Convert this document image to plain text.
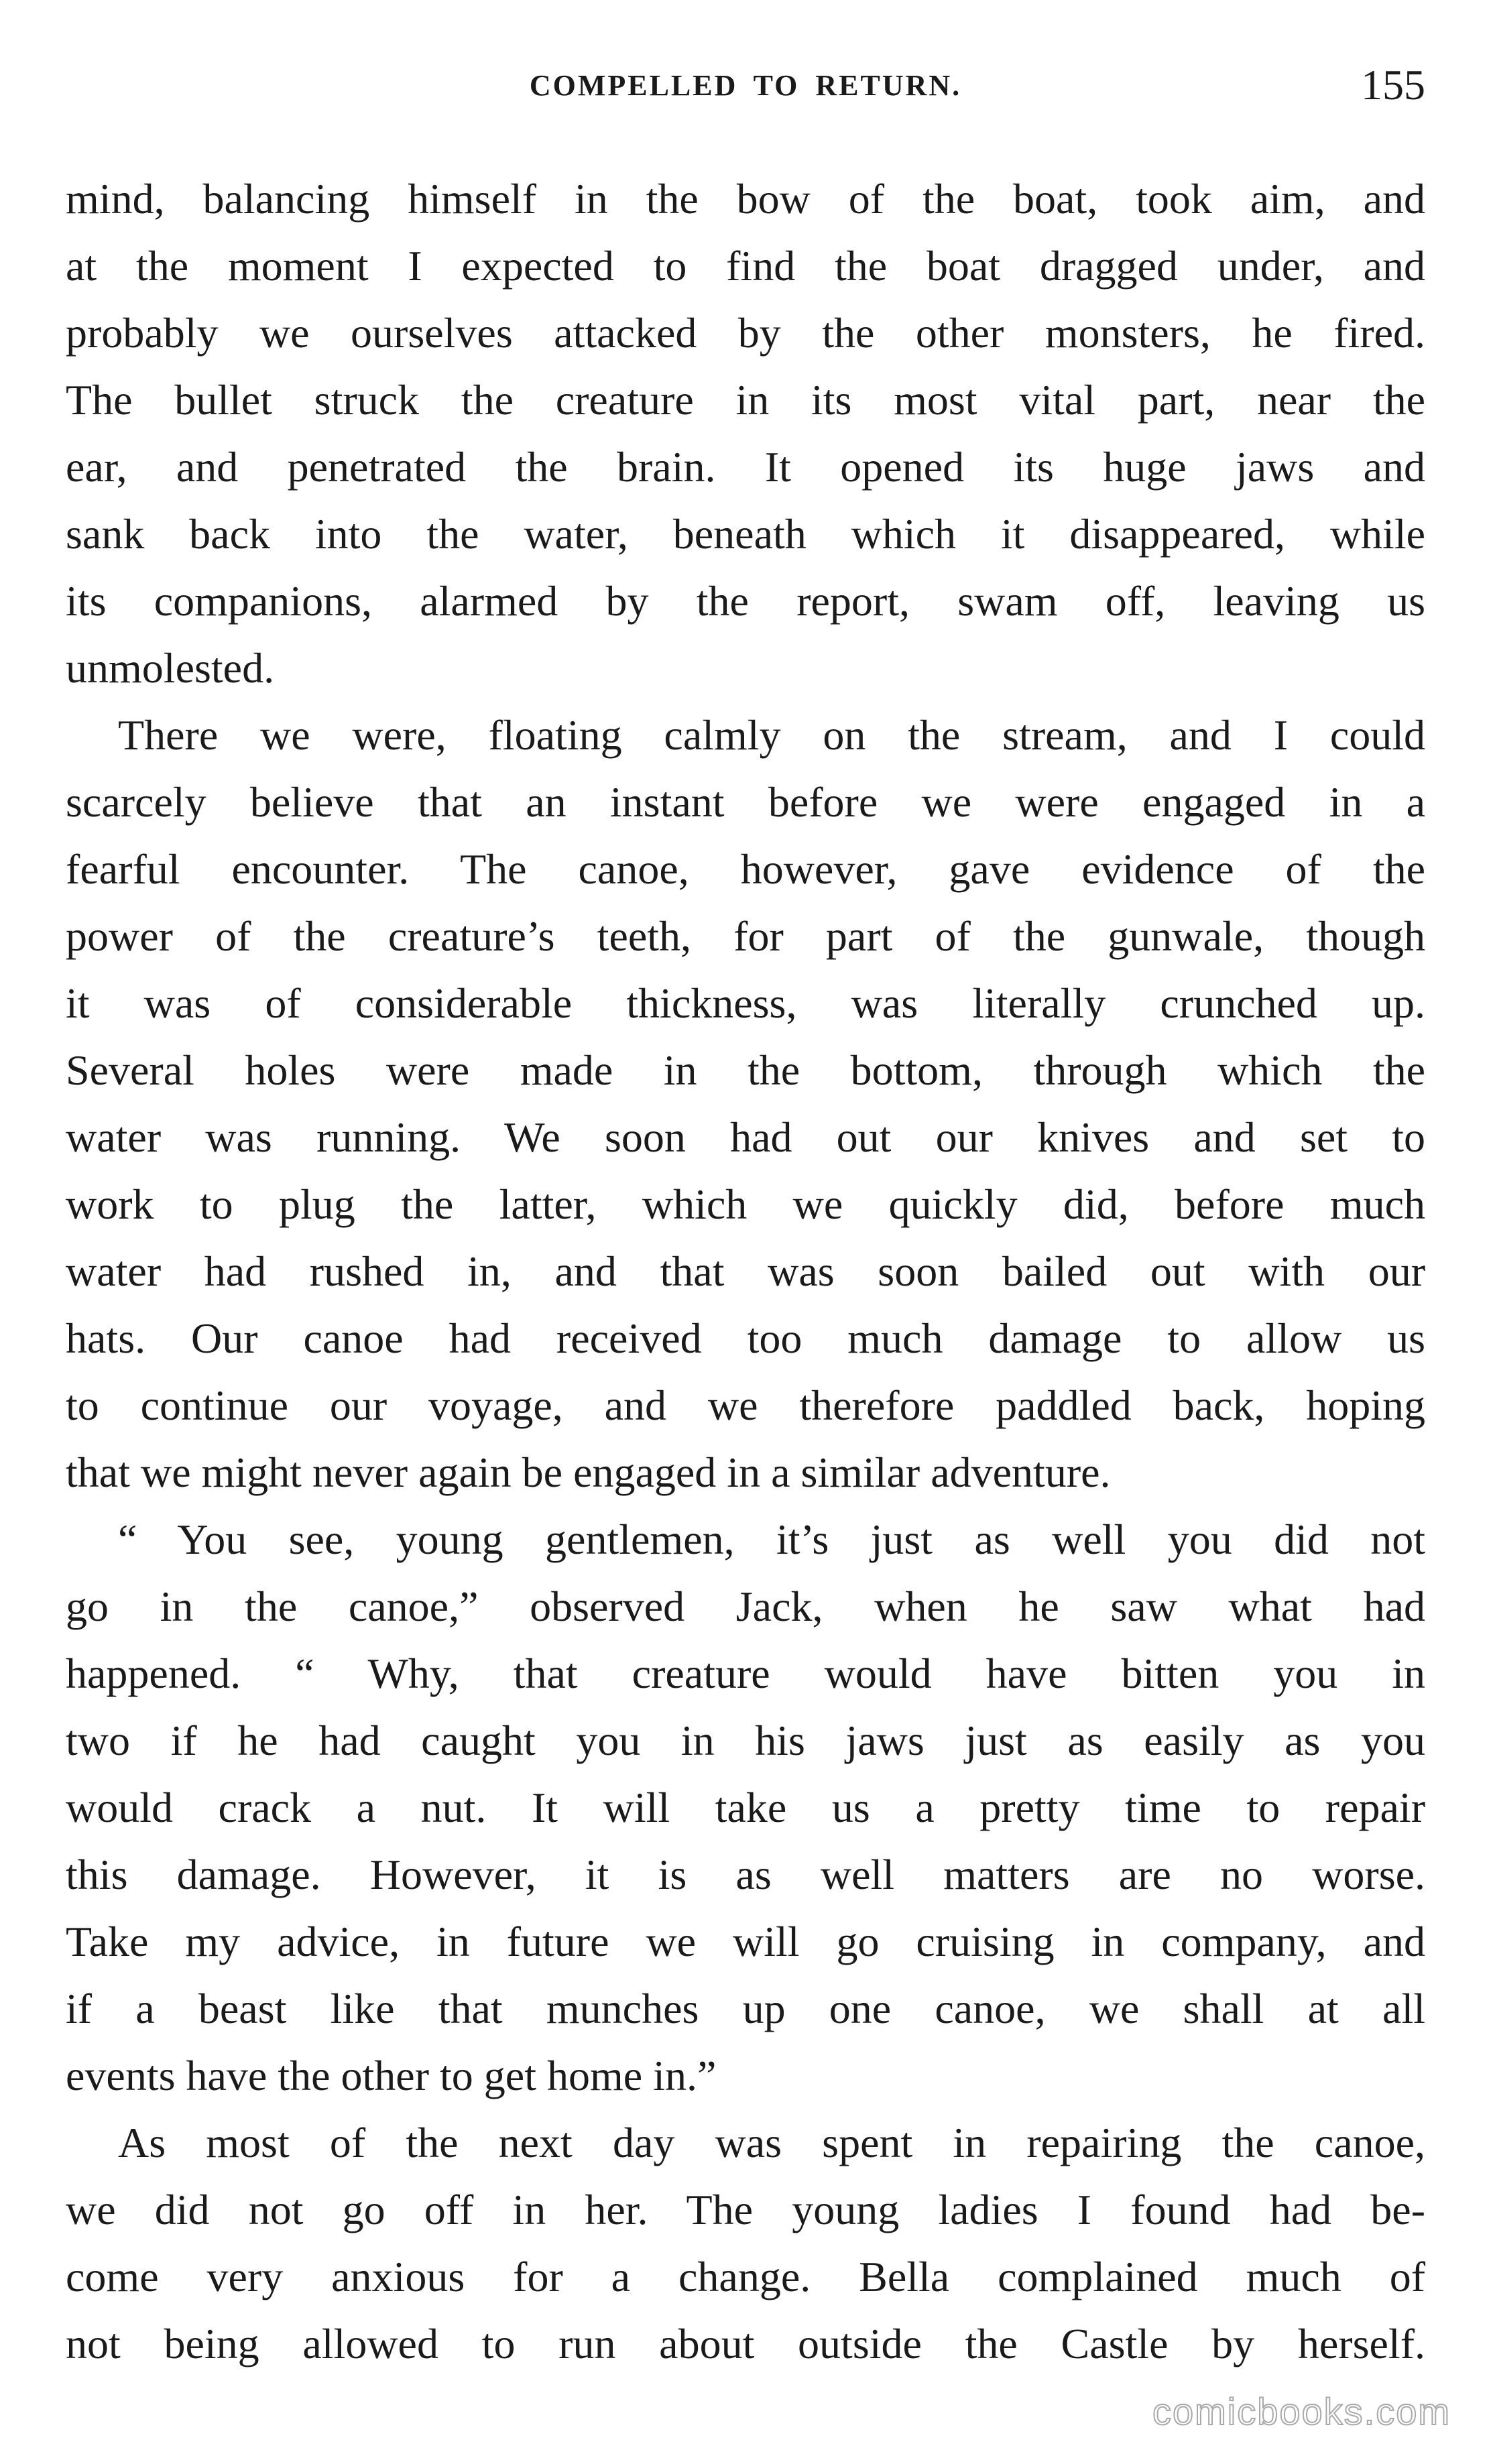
COMPELLED TO RETURN.	155
mind, balancing himself in the bow of the boat, took aim, and
at the moment I expected to find the boat dragged under, and
probably we ourselves attacked by the other monsters, he fired.
The bullet struck the creature in its most vital part, near the
ear, and penetrated the brain. It opened its huge jaws and
sank back into the water, beneath which it disappeared, while
its companions, alarmed by the report, swam off, leaving us
unmolested.
There we were, floating calmly on the stream, and I could
scarcely believe that an instant before we were engaged in a
fearful encounter. The canoe, however, gave evidence of the
power of the creature’s teeth, for part of the gunwale, though
it was of considerable thickness, was literally crunched up.
Several holes were made in the bottom, through which the
water was running. We soon had out our knives and set to
work to plug the latter, which we quickly did, before much
water had rushed in, and that was soon bailed out with our
hats. Our canoe had received too much damage to allow us
to continue our voyage, and we therefore paddled back, hoping
that we might never again be engaged in a similar adventure.
“ You see, young gentlemen, it’s just as well you did not
go in the canoe,” observed Jack, when he saw what had
happened. “ Why, that creature would have bitten you in
two if he had caught you in his jaws just as easily as you
would crack a nut. It will take us a pretty time to repair
this damage. However, it is as well matters are no worse.
Take my advice, in future we will go cruising in company, and
if a beast like that munches up one canoe, we shall at all
events have the other to get home in.”
As most of the next day was spent in repairing the canoe,
we did not go off in her. The young ladies I found had be-
come very anxious for a change. Bella complained much of
not being allowed to run about outside the Castle by herself.
comicbooks.com
